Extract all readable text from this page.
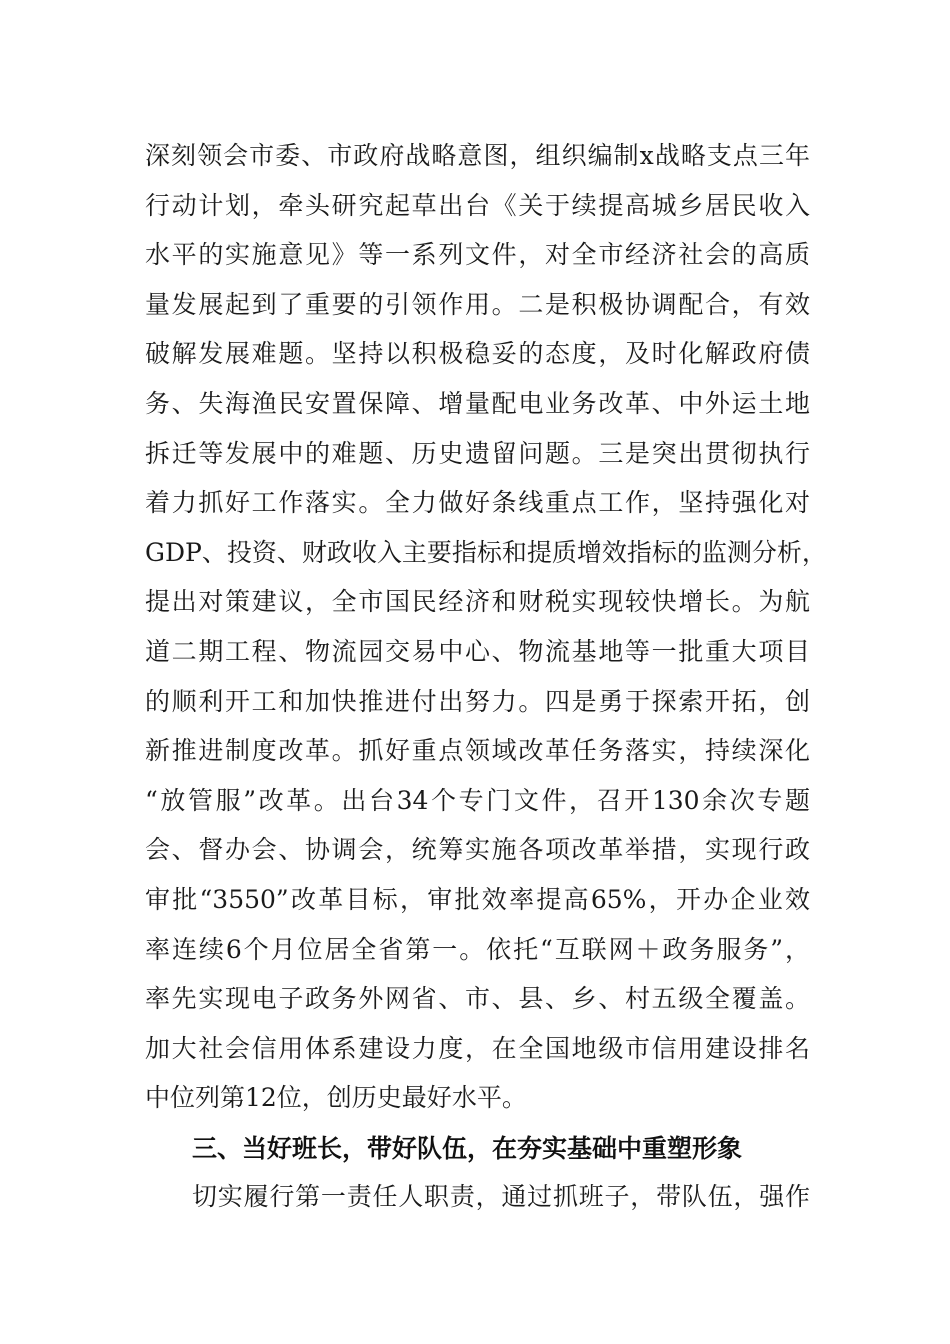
深刻领会市委、市政府战略意图，组织编制x战略支点三年
行动计划，牵头研究起草出台《关于续提高城乡居民收入
水平的实施意见》等一系列文件，对全市经济社会的高质
量发展起到了重要的引领作用。二是积极协调配合，有效
破解发展难题。坚持以积极稳妥的态度，及时化解政府债
务、失海渔民安置保障、增量配电业务改革、中外运土地
拆迁等发展中的难题、历史遗留问题。三是突出贯彻执行
着力抓好工作落实。全力做好条线重点工作，坚持强化对
GDP、投资、财政收入主要指标和提质增效指标的监测分析，
提出对策建议，全市国民经济和财税实现较快增长。为航
道二期工程、物流园交易中心、物流基地等一批重大项目
的顺利开工和加快推进付出努力。四是勇于探索开拓，创
新推进制度改革。抓好重点领域改革任务落实，持续深化
“放管服”改革。出台34个专门文件，召开130余次专题
会、督办会、协调会，统筹实施各项改革举措，实现行政
审批“3550”改革目标，审批效率提高65%，开办企业效
率连续6个月位居全省第一。依托“互联网＋政务服务”，
率先实现电子政务外网省、市、县、乡、村五级全覆盖。
加大社会信用体系建设力度，在全国地级市信用建设排名
中位列第12位，创历史最好水平。
三、当好班长，带好队伍，在夯实基础中重塑形象
切实履行第一责任人职责，通过抓班子，带队伍，强作
